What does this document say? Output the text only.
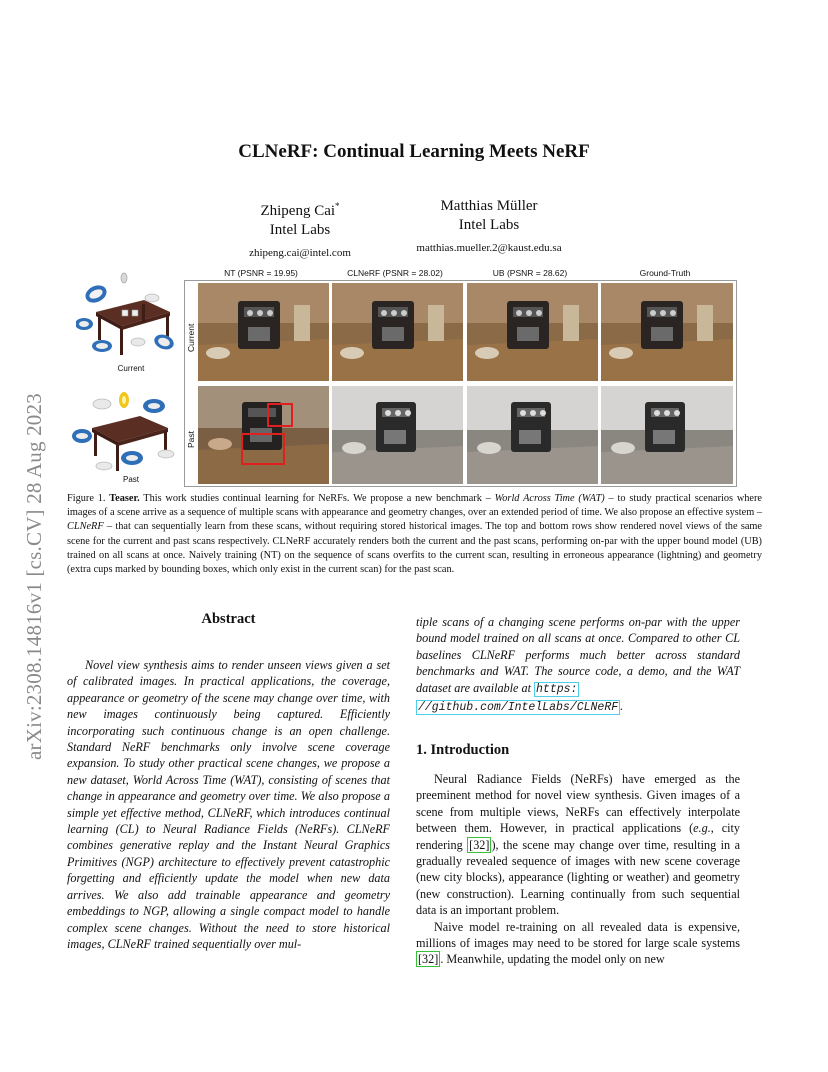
arXiv:2308.14816v1 [cs.CV] 28 Aug 2023
CLNeRF: Continual Learning Meets NeRF
Zhipeng Cai*
Intel Labs
zhipeng.cai@intel.com
Matthias Müller
Intel Labs
matthias.mueller.2@kaust.edu.sa
NT (PSNR = 19.95)	CLNeRF (PSNR = 28.02)	UB (PSNR = 28.62)	Ground-Truth
Current
Past
Current
Past
Figure 1. Teaser. This work studies continual learning for NeRFs. We propose a new benchmark – World Across Time (WAT) – to study practical scenarios where images of a scene arrive as a sequence of multiple scans with appearance and geometry changes, over an extended period of time. We also propose an effective system – CLNeRF – that can sequentially learn from these scans, without requiring stored historical images. The top and bottom rows show rendered novel views of the same scene for the current and past scans respectively. CLNeRF accurately renders both the current and the past scans, performing on-par with the upper bound model (UB) trained on all scans at once. Naively training (NT) on the sequence of scans overfits to the current scan, resulting in erroneous appearance (lightning) and geometry (extra cups marked by bounding boxes, which only exist in the current scan) for the past scan.
Abstract

Novel view synthesis aims to render unseen views given a set of calibrated images. In practical applications, the coverage, appearance or geometry of the scene may change over time, with new images continuously being captured. Efficiently incorporating such continuous change is an open challenge. Standard NeRF benchmarks only involve scene coverage expansion. To study other practical scene changes, we propose a new dataset, World Across Time (WAT), consisting of scenes that change in appearance and geometry over time. We also propose a simple yet effective method, CLNeRF, which introduces continual learning (CL) to Neural Radiance Fields (NeRFs). CLNeRF combines generative replay and the Instant Neural Graphics Primitives (NGP) architecture to effectively prevent catastrophic forgetting and efficiently update the model when new data arrives. We also add trainable appearance and geometry embeddings to NGP, allowing a single compact model to handle complex scene changes. Without the need to store historical images, CLNeRF trained sequentially over mul-

tiple scans of a changing scene performs on-par with the upper bound model trained on all scans at once. Compared to other CL baselines CLNeRF performs much better across standard benchmarks and WAT. The source code, a demo, and the WAT dataset are available at https:
//github.com/IntelLabs/CLNeRF .

1. Introduction

Neural Radiance Fields (NeRFs) have emerged as the preeminent method for novel view synthesis. Given images of a scene from multiple views, NeRFs can effectively interpolate between them. However, in practical applications (e.g., city rendering [32] ), the scene may change over time, resulting in a gradually revealed sequence of images with new scene coverage (new city blocks), appearance (lighting or weather) and geometry (new construction). Learning continually from such sequential data is an important problem.

Naive model re-training on all revealed data is expensive, millions of images may need to be stored for large scale systems [32] . Meanwhile, updating the model only on new
